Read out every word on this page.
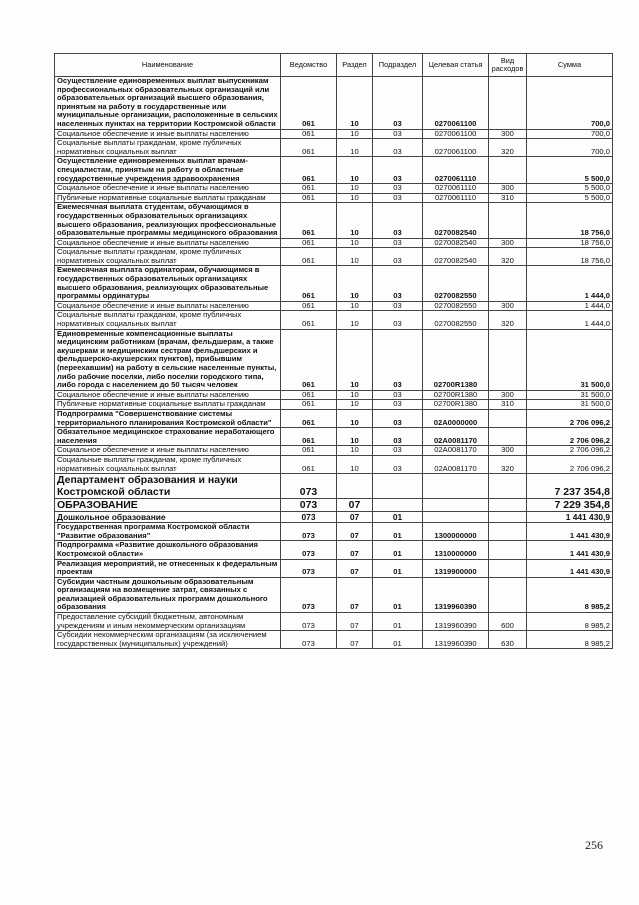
Наименование	Ведомство	Раздел	Подраздел	Целевая статья	Вид расходов	Сумма
Осуществление единовременных выплат выпускникам профессиональных образовательных организаций или образовательных организаций высшего образования, принятым на работу в государственные или муниципальные организации, расположенные в сельских населенных пунктах на территории Костромской области	061	10	03	0270061100		700,0
Социальное обеспечение и иные выплаты населению	061	10	03	0270061100	300	700,0
Социальные выплаты гражданам, кроме публичных нормативных социальных выплат	061	10	03	0270061100	320	700,0
Осуществление единовременных выплат врачам-специалистам, принятым на работу в областные государственные учреждения здравоохранения	061	10	03	0270061110		5 500,0
Социальное обеспечение и иные выплаты населению	061	10	03	0270061110	300	5 500,0
Публичные нормативные социальные выплаты гражданам	061	10	03	0270061110	310	5 500,0
Ежемесячная выплата студентам, обучающимся в государственных образовательных организациях высшего образования, реализующих профессиональные образовательные программы медицинского образования	061	10	03	0270082540		18 756,0
Социальное обеспечение и иные выплаты населению	061	10	03	0270082540	300	18 756,0
Социальные выплаты гражданам, кроме публичных нормативных социальных выплат	061	10	03	0270082540	320	18 756,0
Ежемесячная выплата ординаторам, обучающимся в государственных образовательных организациях высшего образования, реализующих образовательные программы ординатуры	061	10	03	0270082550		1 444,0
Социальное обеспечение и иные выплаты населению	061	10	03	0270082550	300	1 444,0
Социальные выплаты гражданам, кроме публичных нормативных социальных выплат	061	10	03	0270082550	320	1 444,0
Единовременные компенсационные выплаты медицинским работникам (врачам, фельдшерам, а также акушеркам и медицинским сестрам фельдшерских и фельдшерско-акушерских пунктов), прибывшим (переехавшим) на работу в сельские населенные пункты, либо рабочие поселки, либо поселки городского типа, либо города с населением до 50 тысяч человек	061	10	03	02700R1380		31 500,0
Социальное обеспечение и иные выплаты населению	061	10	03	02700R1380	300	31 500,0
Публичные нормативные социальные выплаты гражданам	061	10	03	02700R1380	310	31 500,0
Подпрограмма "Совершенствование системы территориального планирования Костромской области"	061	10	03	02А0000000		2 706 096,2
Обязательное медицинское страхование неработающего населения	061	10	03	02А0081170		2 706 096,2
Социальное обеспечение и иные выплаты населению	061	10	03	02А0081170	300	2 706 096,2
Социальные выплаты гражданам, кроме публичных нормативных социальных выплат	061	10	03	02А0081170	320	2 706 096,2
Департамент образования и науки Костромской области	073					7 237 354,8
ОБРАЗОВАНИЕ	073	07				7 229 354,8
Дошкольное образование	073	07	01			1 441 430,9
Государственная программа Костромской области "Развитие образования"	073	07	01	1300000000		1 441 430,9
Подпрограмма «Развитие дошкольного образования Костромской области»	073	07	01	1310000000		1 441 430,9
Реализация мероприятий, не отнесенных к федеральным проектам	073	07	01	1319900000		1 441 430,9
Субсидии частным дошкольным образовательным организациям на возмещение затрат, связанных с реализацией образовательных программ дошкольного образования	073	07	01	1319960390		8 985,2
Предоставление субсидий бюджетным, автономным учреждениям и иным некоммерческим организациям	073	07	01	1319960390	600	8 985,2
Субсидии некоммерческим организациям (за исключением государственных (муниципальных) учреждений)	073	07	01	1319960390	630	8 985,2
256
